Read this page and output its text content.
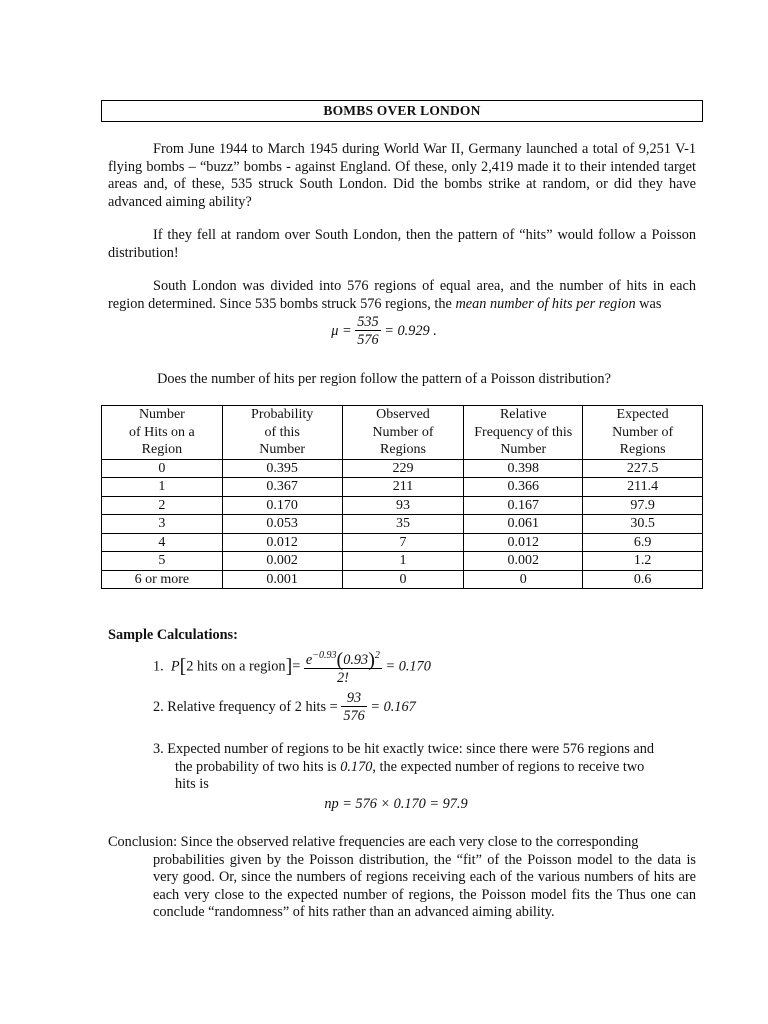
BOMBS OVER LONDON

From June 1944 to March 1945 during World War II, Germany launched a total of 9,251 V-1 flying bombs – “buzz” bombs - against England. Of these, only 2,419 made it to their intended target areas and, of these, 535 struck South London. Did the bombs strike at random, or did they have advanced aiming ability?

If they fell at random over South London, then the pattern of “hits” would follow a Poisson distribution!

South London was divided into 576 regions of equal area, and the number of hits in each region determined. Since 535 bombs struck 576 regions, the mean number of hits per region was

$\mu = \frac{535}{576} = 0.929$ .
Does the number of hits per region follow the pattern of a Poisson distribution?
Number
of Hits on a
Region	Probability
of this
Number	Observed
Number of
Regions	Relative
Frequency of this
Number	Expected
Number of
Regions
0	0.395	229	0.398	227.5
1	0.367	211	0.366	211.4
2	0.170	93	0.167	97.9
3	0.053	35	0.061	30.5
4	0.012	7	0.012	6.9
5	0.002	1	0.002	1.2
6 or more	0.001	0	0	0.6
Sample Calculations:
1. P[2 hits on a region]= $\frac{e^{-0.93}(0.93)^2}{2!} = 0.170$
2. Relative frequency of 2 hits = $\frac{93}{576} = 0.167$
3. Expected number of regions to be hit exactly twice: since there were 576 regions and
the probability of two hits is 0.170, the expected number of regions to receive two
hits is
np = 576 × 0.170 = 97.9
Conclusion: Since the observed relative frequencies are each very close to the corresponding
probabilities given by the Poisson distribution, the “fit” of the Poisson model to the data is very good. Or, since the numbers of regions receiving each of the various numbers of hits are each very close to the expected number of regions, the Poisson model fits the Thus one can conclude “randomness” of hits rather than an advanced aiming ability.
